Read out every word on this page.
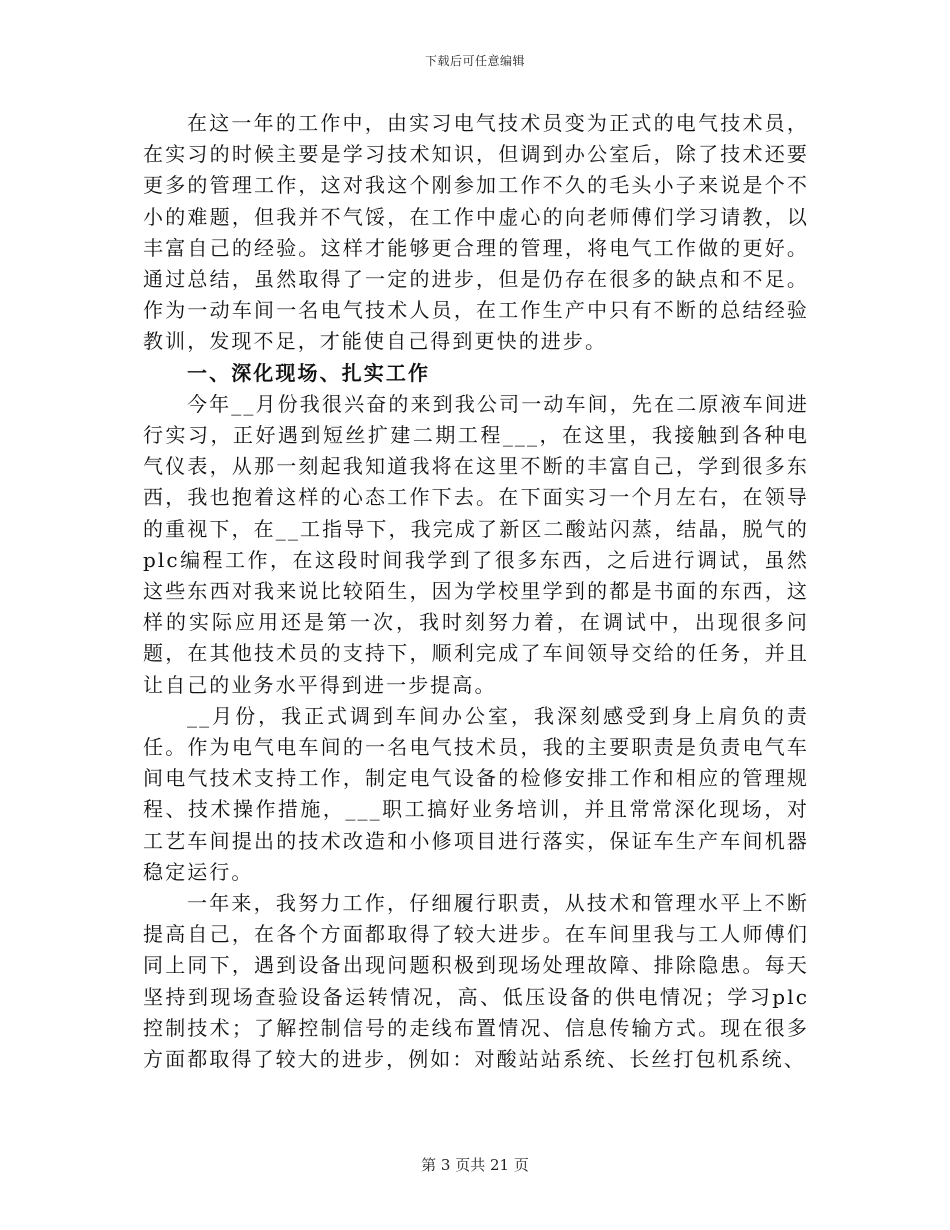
下载后可任意编辑

在这一年的工作中，由实习电气技术员变为正式的电气技术员，在实习的时候主要是学习技术知识，但调到办公室后，除了技术还要更多的管理工作，这对我这个刚参加工作不久的毛头小子来说是个不小的难题，但我并不气馁，在工作中虚心的向老师傅们学习请教，以丰富自己的经验。这样才能够更合理的管理，将电气工作做的更好。通过总结，虽然取得了一定的进步，但是仍存在很多的缺点和不足。作为一动车间一名电气技术人员，在工作生产中只有不断的总结经验教训，发现不足，才能使自己得到更快的进步。

一、深化现场、扎实工作

今年__月份我很兴奋的来到我公司一动车间，先在二原液车间进行实习，正好遇到短丝扩建二期工程___，在这里，我接触到各种电气仪表，从那一刻起我知道我将在这里不断的丰富自己，学到很多东西，我也抱着这样的心态工作下去。在下面实习一个月左右，在领导的重视下，在__工指导下，我完成了新区二酸站闪蒸，结晶，脱气的plc编程工作，在这段时间我学到了很多东西，之后进行调试，虽然这些东西对我来说比较陌生，因为学校里学到的都是书面的东西，这样的实际应用还是第一次，我时刻努力着，在调试中，出现很多问题，在其他技术员的支持下，顺利完成了车间领导交给的任务，并且让自己的业务水平得到进一步提高。

__月份，我正式调到车间办公室，我深刻感受到身上肩负的责任。作为电气电车间的一名电气技术员，我的主要职责是负责电气车间电气技术支持工作，制定电气设备的检修安排工作和相应的管理规程、技术操作措施，___职工搞好业务培训，并且常常深化现场，对工艺车间提出的技术改造和小修项目进行落实，保证车生产车间机器稳定运行。

一年来，我努力工作，仔细履行职责，从技术和管理水平上不断提高自己，在各个方面都取得了较大进步。在车间里我与工人师傅们同上同下，遇到设备出现问题积极到现场处理故障、排除隐患。每天坚持到现场查验设备运转情况，高、低压设备的供电情况；学习plc控制技术；了解控制信号的走线布置情况、信息传输方式。现在很多方面都取得了较大的进步，例如：对酸站站系统、长丝打包机系统、

第 3 页共 21 页
